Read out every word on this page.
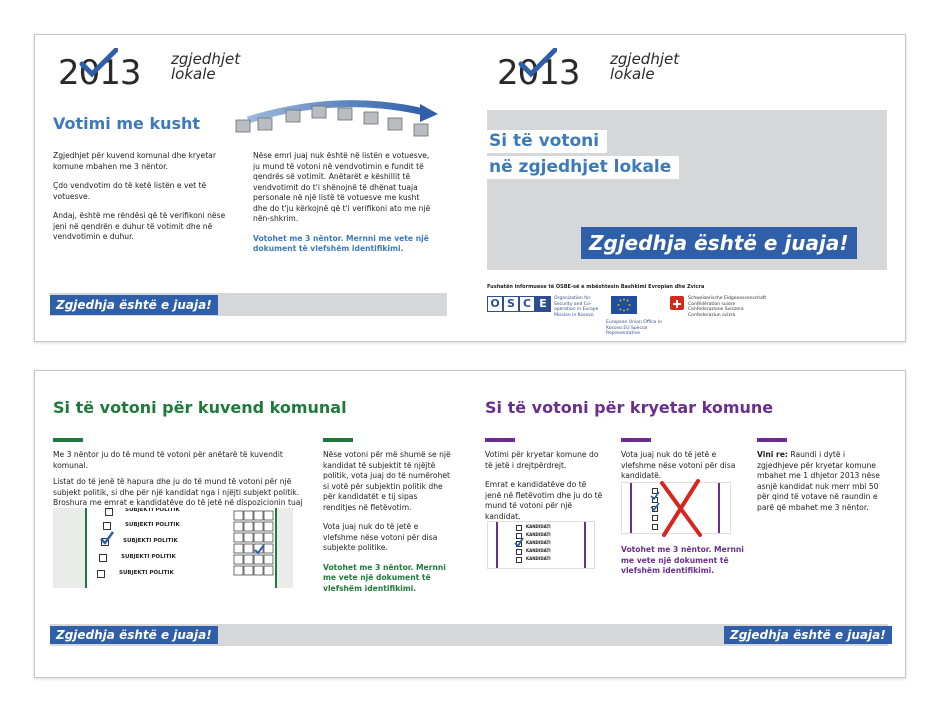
2013 zgjedhjet
lokale
Votimi me kusht

Zgjedhjet për kuvend komunal dhe kryetar komune mbahen me 3 nëntor.

Çdo vendvotim do të ketë listën e vet të votuesve.

Andaj, është me rëndësi që të verifikoni nëse jeni në qendrën e duhur të votimit dhe në vendvotimin e duhur.

Nëse emri juaj nuk është në listën e votuesve, ju mund të votoni në vendvotimin e fundit të qendrës së votimit. Anëtarët e këshillit të vendvotimit do t'i shënojnë të dhënat tuaja personale në një listë të votuesve me kusht dhe do t'ju kërkojnë që t'i verifikoni ato me një nën-shkrim.

Votohet me 3 nëntor. Mernni me vete një dokument të vlefshëm identifikimi.

Zgjedhja është e juaja!
2013 zgjedhjet
lokale
Si të votoni
në zgjedhjet lokale
Zgjedhja është e juaja!
Fushatën informuese të OSBE-së e mbështesin Bashkimi Evropian dhe Zvicra
O S C E	Organization for Security and Co-operation in Europe Mission in Kosovo
European Union Office in Kosovo EU Special Representative
Schweizerische Eidgenossenschaft
Confédération suisse
Confederazione Svizzera
Confederaziun svizra
Si të votoni për kuvend komunal

Me 3 nëntor ju do të mund të votoni për anëtarë të kuvendit komunal.

Listat do të jenë të hapura dhe ju do të mund të votoni për një subjekt politik, si dhe për një kandidat nga i njëjti subjekt politik. Broshura me emrat e kandidatëve do të jetë në dispozicionin tuaj

SUBJEKTI POLITIK
SUBJEKTI POLITIK
SUBJEKTI POLITIK
SUBJEKTI POLITIK
SUBJEKTI POLITIK

Nëse votoni për më shumë se një kandidat të subjektit të njëjtë politik, vota juaj do të numërohet si votë për subjektin politik dhe për kandidatët e tij sipas renditjes në fletëvotim.

Vota juaj nuk do të jetë e vlefshme nëse votoni për disa subjekte politike.

Votohet me 3 nëntor. Mernni me vete një dokument të vlefshëm identifikimi.

Zgjedhja është e juaja!	Zgjedhja është e juaja!
Si të votoni për kryetar komune

Votimi për kryetar komune do të jetë i drejtpërdrejt.

Emrat e kandidatëve do të jenë në fletëvotim dhe ju do të mund të votoni për një kandidat.

KANDIDATI
KANDIDATI
KANDIDATI
KANDIDATI
KANDIDATI

Vota juaj nuk do të jetë e vlefshme nëse votoni për disa kandidatë.

Votohet me 3 nëntor. Mernni me vete një dokument të vlefshëm identifikimi.

Vini re: Raundi i dytë i zgjedhjeve për kryetar komune mbahet me 1 dhjetor 2013 nëse asnjë kandidat nuk merr mbi 50 për qind të votave në raundin e parë që mbahet me 3 nëntor.
